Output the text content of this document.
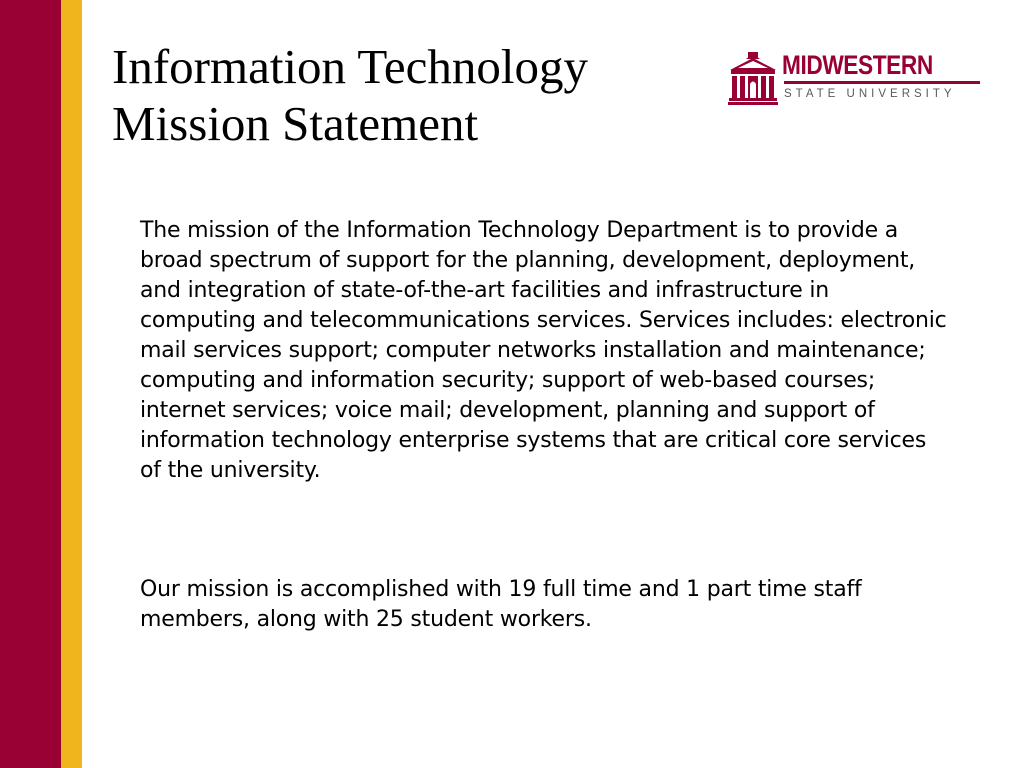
Information Technology
Mission Statement
MIDWESTERN
STATE UNIVERSITY

The mission of the Information Technology Department is to provide a broad spectrum of support for the planning, development, deployment, and integration of state-of-the-art facilities and infrastructure in computing and telecommunications services. Services includes: electronic mail services support; computer networks installation and maintenance; computing and information security; support of web-based courses; internet services; voice mail; development, planning and support of information technology enterprise systems that are critical core services of the university.

Our mission is accomplished with 19 full time and 1 part time staff members, along with 25 student workers.
